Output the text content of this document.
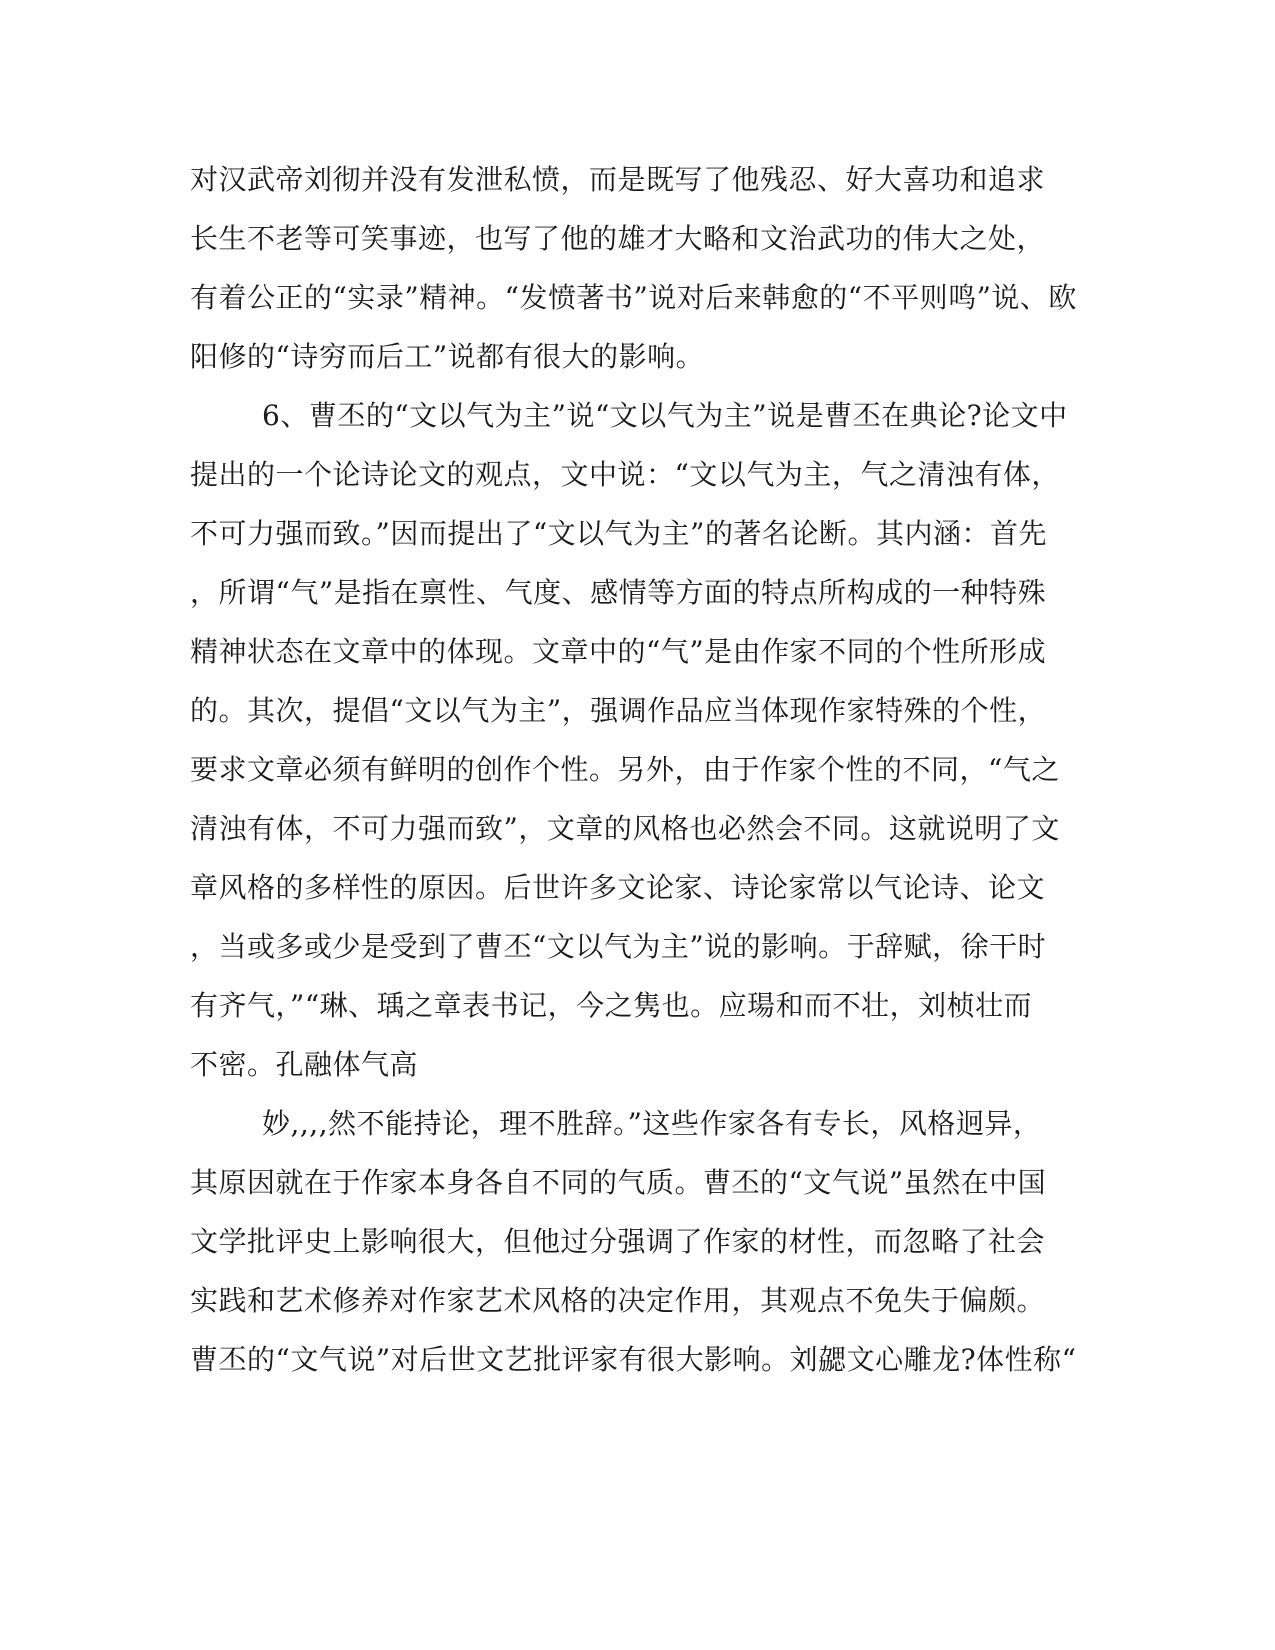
对汉武帝刘彻并没有发泄私愤，而是既写了他残忍、好大喜功和追求
长生不老等可笑事迹，也写了他的雄才大略和文治武功的伟大之处，
有着公正的“实录”精神。“发愤著书”说对后来韩愈的“不平则鸣”说、欧
阳修的“诗穷而后工”说都有很大的影响。
6、曹丕的“文以气为主”说“文以气为主”说是曹丕在典论?论文中
提出的一个论诗论文的观点，文中说：“文以气为主，气之清浊有体，
不可力强而致。”因而提出了“文以气为主”的著名论断。其内涵：首先
，所谓“气”是指在禀性、气度、感情等方面的特点所构成的一种特殊
精神状态在文章中的体现。文章中的“气”是由作家不同的个性所形成
的。其次，提倡“文以气为主”，强调作品应当体现作家特殊的个性，
要求文章必须有鲜明的创作个性。另外，由于作家个性的不同，“气之
清浊有体，不可力强而致”，文章的风格也必然会不同。这就说明了文
章风格的多样性的原因。后世许多文论家、诗论家常以气论诗、论文
，当或多或少是受到了曹丕“文以气为主”说的影响。于辞赋，徐干时
有齐气，”“琳、瑀之章表书记，今之隽也。应瑒和而不壮，刘桢壮而
不密。孔融体气高
妙,,,,然不能持论，理不胜辞。”这些作家各有专长，风格迥异，
其原因就在于作家本身各自不同的气质。曹丕的“文气说”虽然在中国
文学批评史上影响很大，但他过分强调了作家的材性，而忽略了社会
实践和艺术修养对作家艺术风格的决定作用，其观点不免失于偏颇。
曹丕的“文气说”对后世文艺批评家有很大影响。刘勰文心雕龙?体性称“
